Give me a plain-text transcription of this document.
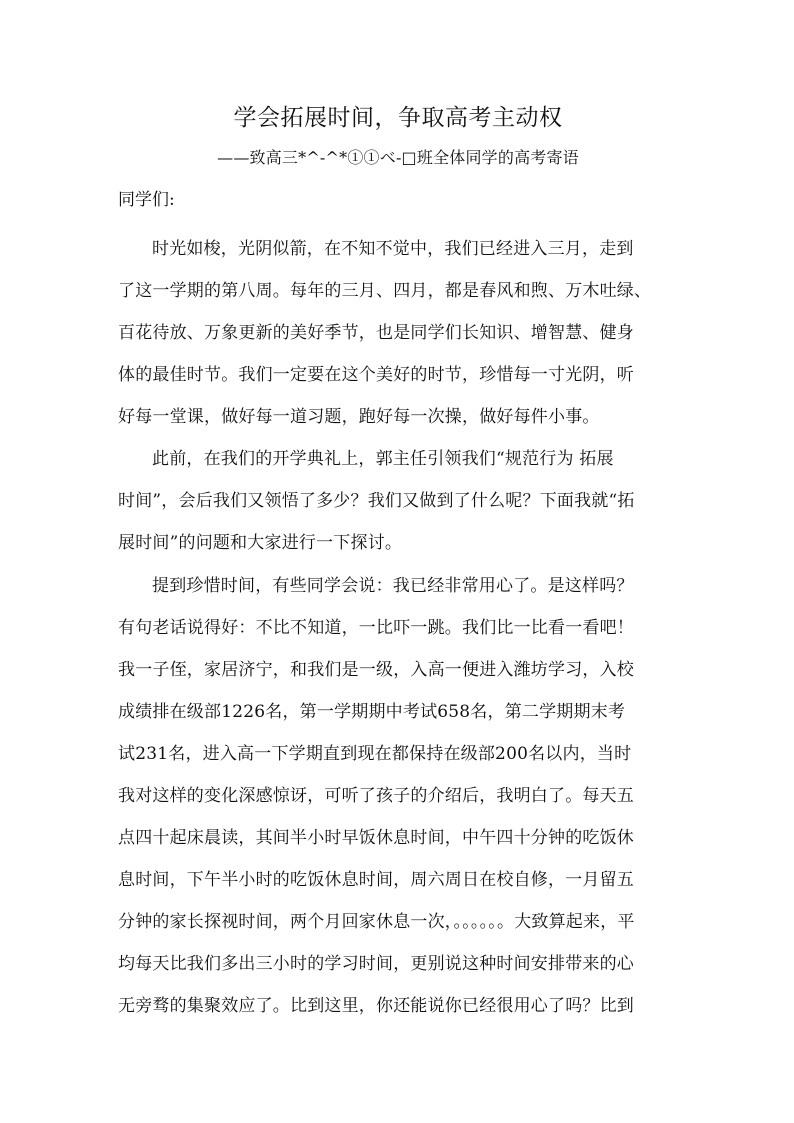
学会拓展时间，争取高考主动权
——致高三*^-^*①①ベ-□班全体同学的高考寄语
同学们:
时光如梭，光阴似箭，在不知不觉中，我们已经进入三月，走到
了这一学期的第八周。每年的三月、四月，都是春风和煦、万木吐绿、
百花待放、万象更新的美好季节，也是同学们长知识、增智慧、健身
体的最佳时节。我们一定要在这个美好的时节，珍惜每一寸光阴，听
好每一堂课，做好每一道习题，跑好每一次操，做好每件小事。
此前，在我们的开学典礼上，郭主任引领我们“规范行为 拓展
时间”，会后我们又领悟了多少？我们又做到了什么呢？下面我就“拓
展时间”的问题和大家进行一下探讨。
提到珍惜时间，有些同学会说：我已经非常用心了。是这样吗？
有句老话说得好：不比不知道，一比吓一跳。我们比一比看一看吧！
我一子侄，家居济宁，和我们是一级，入高一便进入潍坊学习，入校
成绩排在级部1226名，第一学期期中考试658名，第二学期期末考
试231名，进入高一下学期直到现在都保持在级部200名以内，当时
我对这样的变化深感惊讶，可听了孩子的介绍后，我明白了。每天五
点四十起床晨读，其间半小时早饭休息时间，中午四十分钟的吃饭休
息时间，下午半小时的吃饭休息时间，周六周日在校自修，一月留五
分钟的家长探视时间，两个月回家休息一次，。。。。。。大致算起来，平
均每天比我们多出三小时的学习时间，更别说这种时间安排带来的心
无旁骛的集聚效应了。比到这里，你还能说你已经很用心了吗？比到
